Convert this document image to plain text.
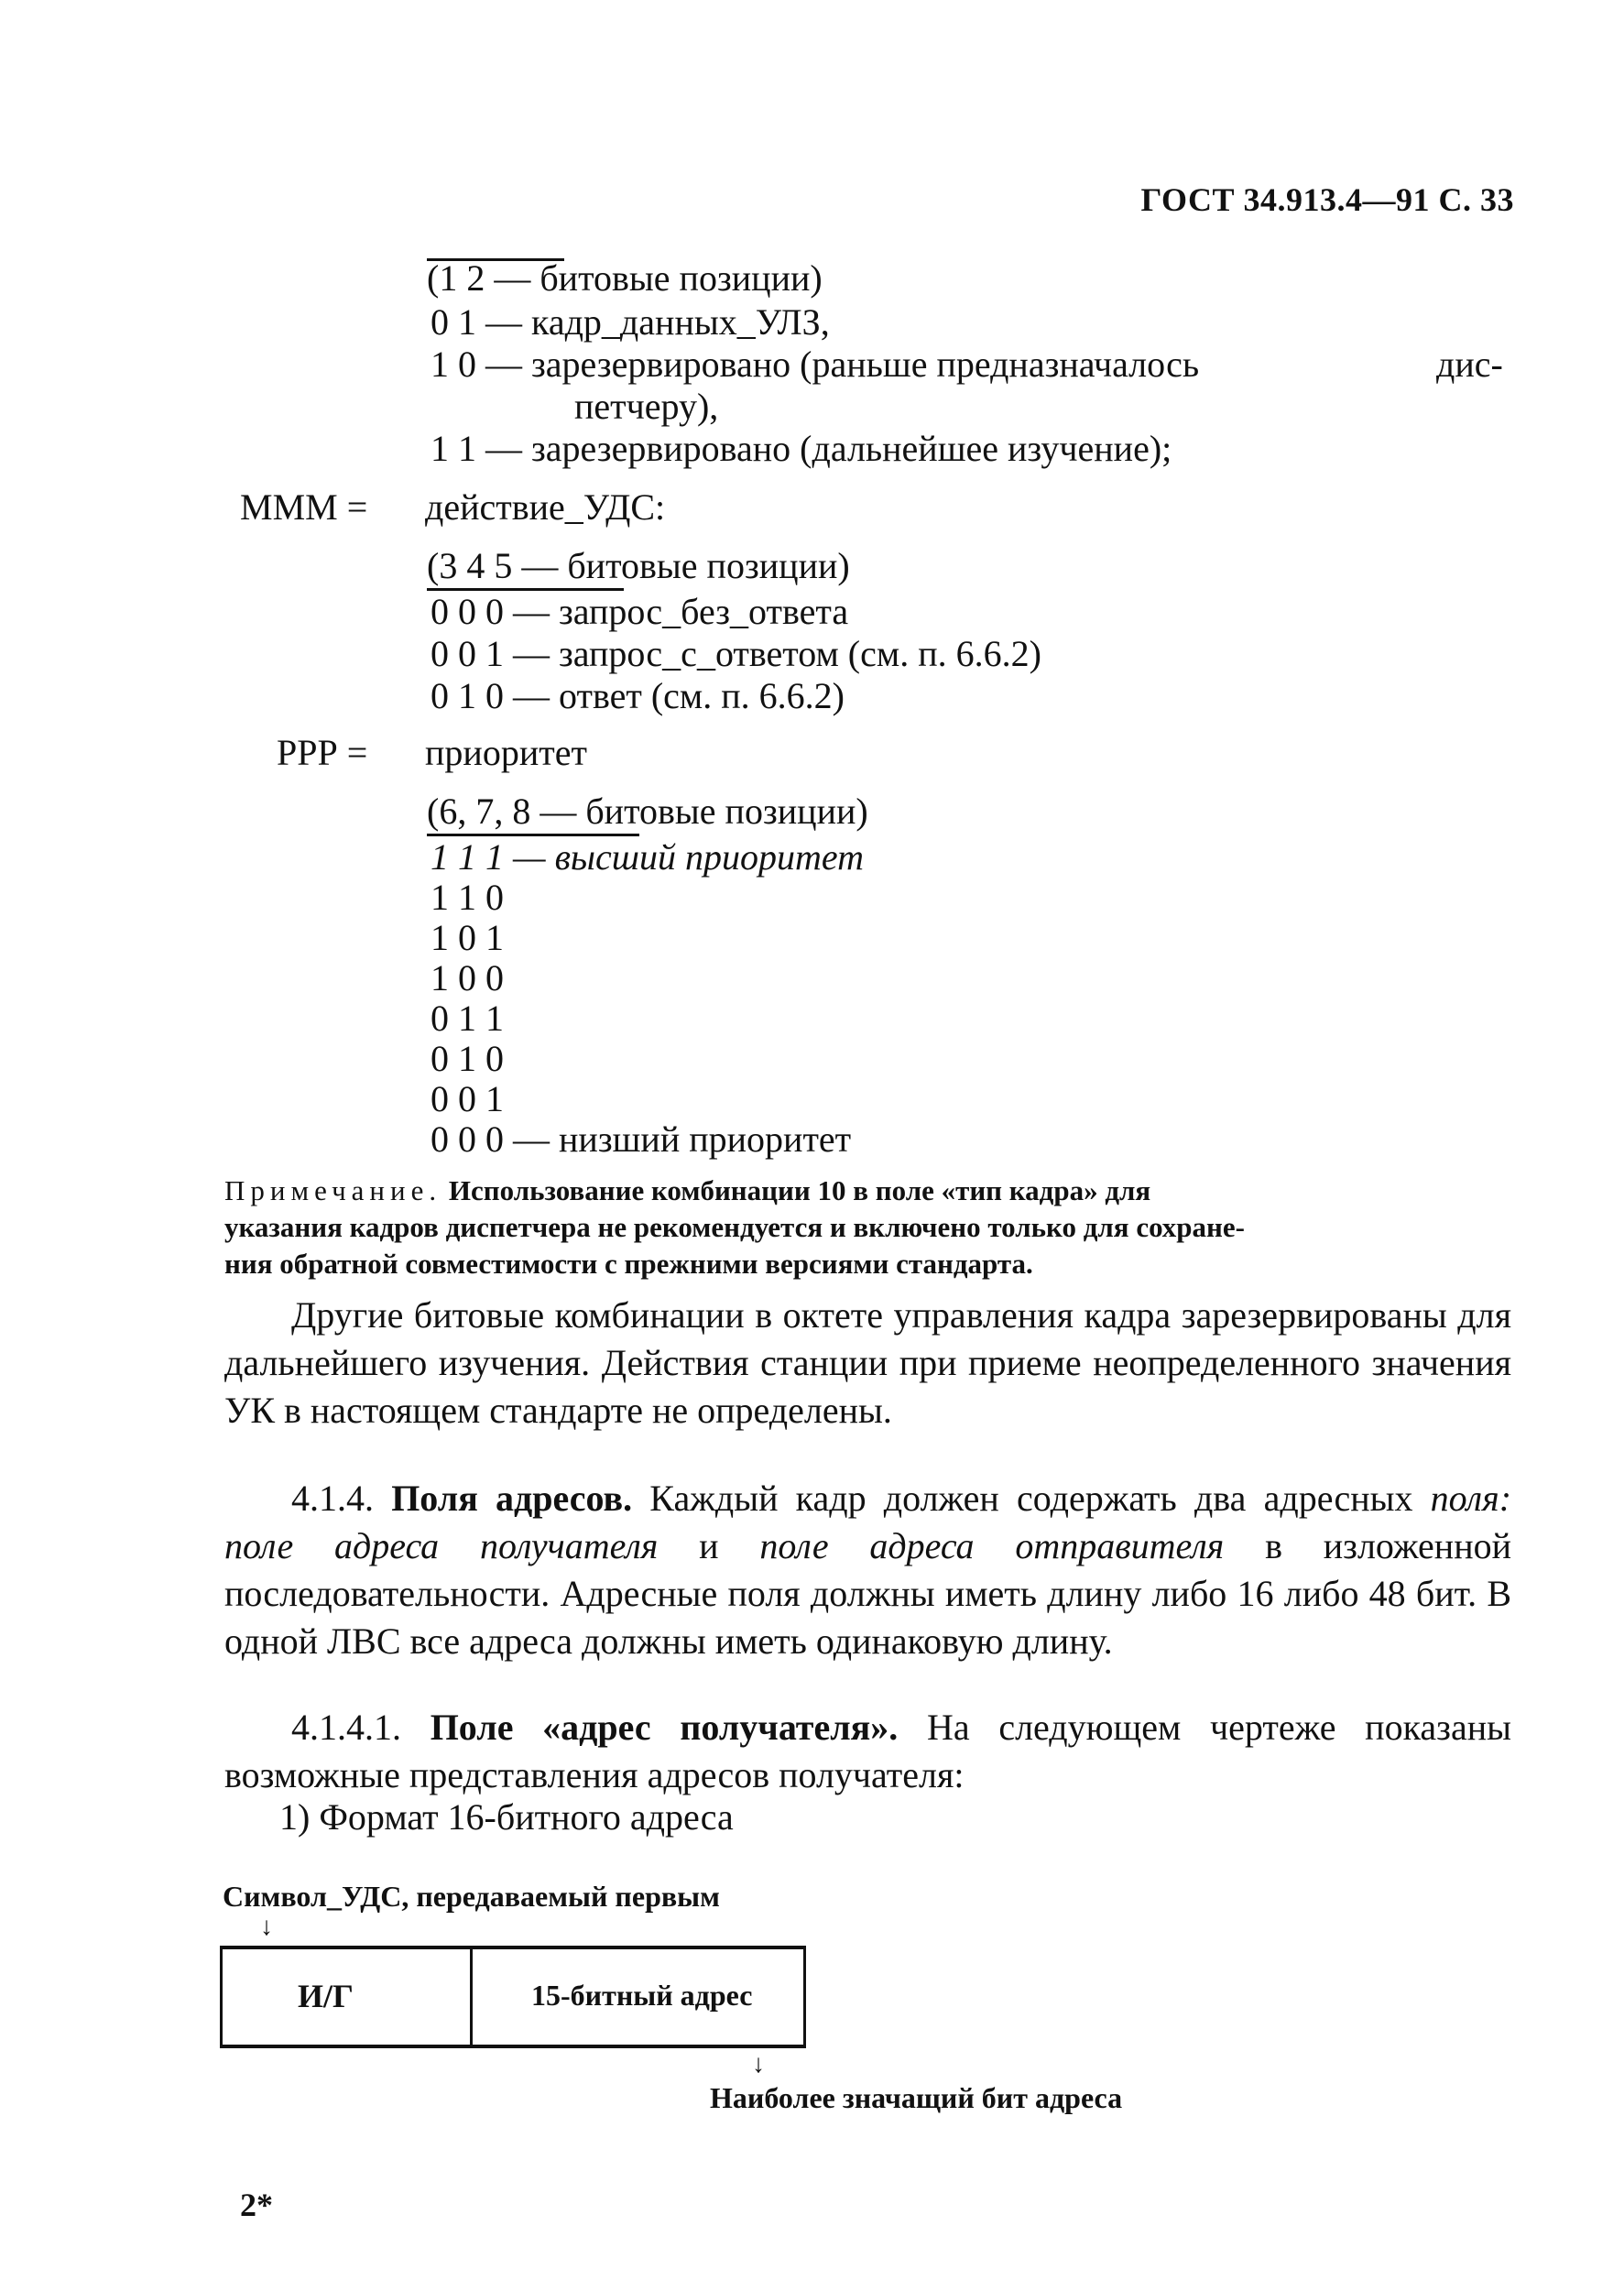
ГОСТ 34.913.4—91 С. 33
(1 2 — битовые позиции)
0 1 — кадр_данных_УЛЗ,
1 0 — зарезервировано (раньше предназначалось	дис-
петчеру),
1 1 — зарезервировано (дальнейшее изучение);
МММ = действие_УДС:
(3 4 5 — битовые позиции)
0 0 0 — запрос_без_ответа
0 0 1 — запрос_с_ответом (см. п. 6.6.2)
0 1 0 — ответ (см. п. 6.6.2)
РРР = приоритет
(6, 7, 8 — битовые позиции)
1 1 1 — высший приоритет
1 1 0
1 0 1
1 0 0
0 1 1
0 1 0
0 0 1
0 0 0 — низший приоритет
Примечание. Использование комбинации 10 в поле «тип кадра» для
указания кадров диспетчера не рекомендуется и включено только для сохране-
ния обратной совместимости с прежними версиями стандарта.
Другие битовые комбинации в октете управления кадра зарезервированы для дальнейшего изучения. Действия станции при приеме неопределенного значения УК в настоящем стандарте не определены.
4.1.4. Поля адресов. Каждый кадр должен содержать два адресных поля: поле адреса получателя и поле адреса отправителя в изложенной последовательности. Адресные поля должны иметь длину либо 16 либо 48 бит. В одной ЛВС все адреса должны иметь одинаковую длину.
4.1.4.1. Поле «адрес получателя». На следующем чертеже показаны возможные представления адресов получателя:
1) Формат 16-битного адреса
Символ_УДС, передаваемый первым
↓
И/Г	15-битный адрес
↓
Наиболее значащий бит адреса
2*
